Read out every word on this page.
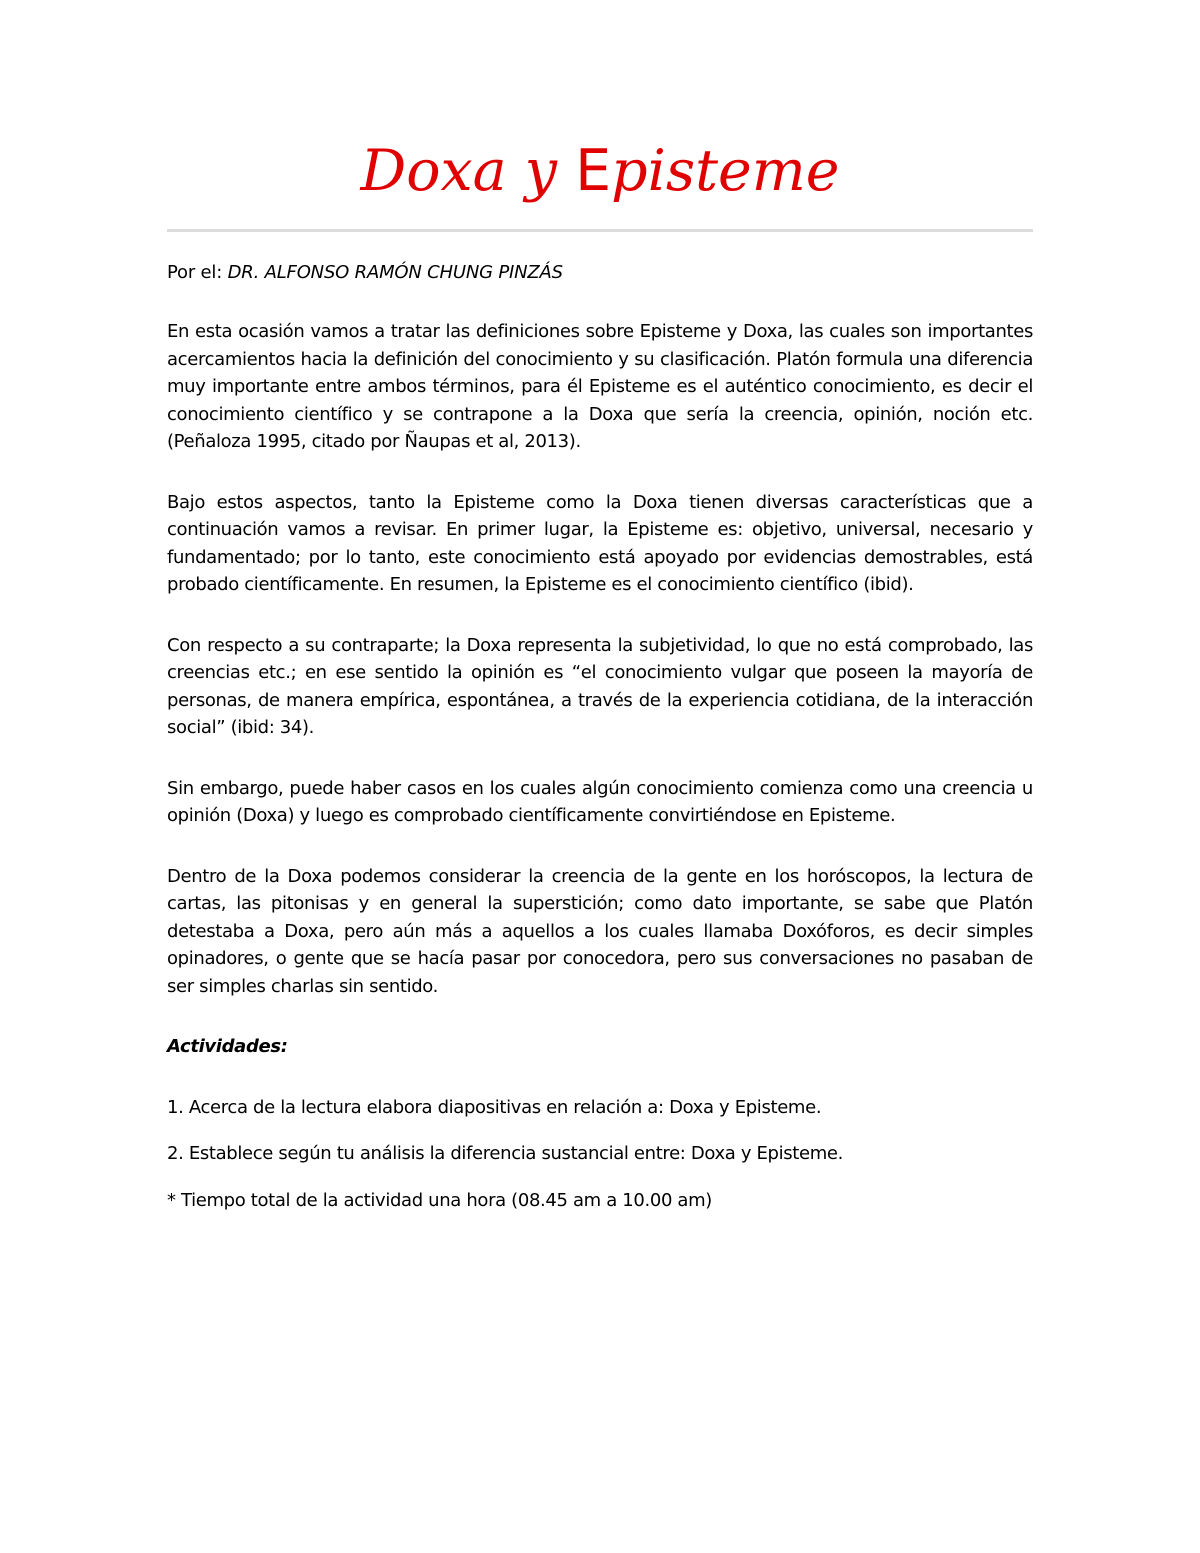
Doxa y Episteme

Por el: DR. ALFONSO RAMÓN CHUNG PINZÁS

En esta ocasión vamos a tratar las definiciones sobre Episteme y Doxa, las cuales son importantes acercamientos hacia la definición del conocimiento y su clasificación. Platón formula una diferencia muy importante entre ambos términos, para él Episteme es el auténtico conocimiento, es decir el conocimiento científico y se contrapone a la Doxa que sería la creencia, opinión, noción etc. (Peñaloza 1995, citado por Ñaupas et al, 2013).

Bajo estos aspectos, tanto la Episteme como la Doxa tienen diversas características que a continuación vamos a revisar. En primer lugar, la Episteme es: objetivo, universal, necesario y fundamentado; por lo tanto, este conocimiento está apoyado por evidencias demostrables, está probado científicamente. En resumen, la Episteme es el conocimiento científico (ibid).

Con respecto a su contraparte; la Doxa representa la subjetividad, lo que no está comprobado, las creencias etc.; en ese sentido la opinión es “el conocimiento vulgar que poseen la mayoría de personas, de manera empírica, espontánea, a través de la experiencia cotidiana, de la interacción social” (ibid: 34).

Sin embargo, puede haber casos en los cuales algún conocimiento comienza como una creencia u opinión (Doxa) y luego es comprobado científicamente convirtiéndose en Episteme.

Dentro de la Doxa podemos considerar la creencia de la gente en los horóscopos, la lectura de cartas, las pitonisas y en general la superstición; como dato importante, se sabe que Platón detestaba a Doxa, pero aún más a aquellos a los cuales llamaba Doxóforos, es decir simples opinadores, o gente que se hacía pasar por conocedora, pero sus conversaciones no pasaban de ser simples charlas sin sentido.

Actividades:

1. Acerca de la lectura elabora diapositivas en relación a: Doxa y Episteme.

2. Establece según tu análisis la diferencia sustancial entre: Doxa y Episteme.

* Tiempo total de la actividad una hora (08.45 am a 10.00 am)
